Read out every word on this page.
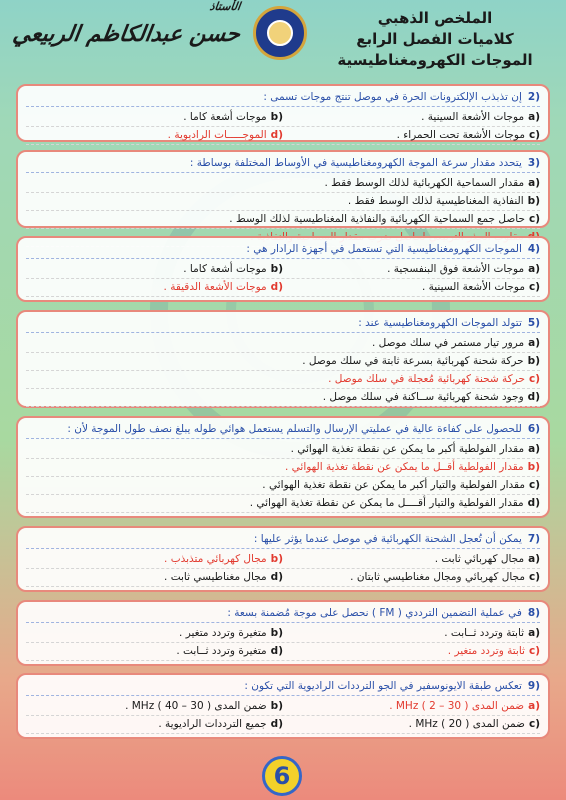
الأستاذ
حسن عبدالكاظم الربيعي
الملخص الذهبي
كلاميات الفصل الرابع
الموجات الكهرومغناطيسية
(2إن تذبذب الإلكترونات الحرة في موصل تنتج موجات تسمى :
(aموجات الأشعة السينية .
(bموجات أشعة كاما .
(cموجات الأشعة تحت الحمراء .
(dالموجـــــات الراديوية .
(3يتحدد مقدار سرعة الموجة الكهرومغناطيسية في الأوساط المختلفة بوساطة :
(aمقدار السماحية الكهربائية لذلك الوسط فقط .
(bالنفاذية المغناطيسية لذلك الوسط فقط .
(cحاصل جمع السماحية الكهربائية والنفاذية المغناطيسية لذلك الوسط .
(4الموجات الكهرومغناطيسية التي تستعمل في أجهزة الرادار هي :
(aموجات الأشعة فوق البنفسجية .
(bموجات أشعة كاما .
(cموجات الأشعة السينية .
(dموجات الأشعة الدقيقة .
(5تتولد الموجات الكهرومغناطيسية عند :
(aمرور تيار مستمر في سلك موصل .
(bحركة شحنة كهربائية بسرعة ثابتة في سلك موصل .
(cحركة شحنة كهربائية مُعجلة في سلك موصل .
(dوجود شحنة كهربائية ســاكنة في سلك موصل .
(6للحصول على كفاءة عالية في عمليتي الإرسال والتسلم يستعمل هوائي طوله يبلغ نصف طول الموجة لأن :
(aمقدار الفولطية أكبر ما يمكن عن نقطة تغذية الهوائي .
(bمقدار الفولطية أقــل ما يمكن عن نقطة تغذية الهوائي .
(cمقدار الفولطية والتيار أكبر ما يمكن عن نقطة تغذية الهوائي .
(dمقدار الفولطية والتيار أقــــل ما يمكن عن نقطة تغذية الهوائي .
(7يمكن أن تُعجل الشحنة الكهربائية في موصل عندما يؤثر عليها :
(aمجال كهربائي ثابت .
(bمجال كهربائي متذبذب .
(cمجال كهربائي ومجال مغناطيسي ثابتان .
(dمجال مغناطيسي ثابت .
(8في عملية التضمين الترددي ( FM ) نحصل على موجة مُضمنة بسعة :
(aثابتة وتردد ثــابت .
(bمتغيرة وتردد متغير .
(cثابتة وتردد متغير .
(dمتغيرة وتردد ثــابت .
(9تعكس طبقة الايونوسفير في الجو الترددات الراديوية التي تكون :
(aضمن المدى MHz ( 2 – 30 ) .
(bضمن المدى MHz ( 40 – 30 ) .
(cضمن المدى MHz ( 20 ) .
(dجميع الترددات الراديوية .
6
